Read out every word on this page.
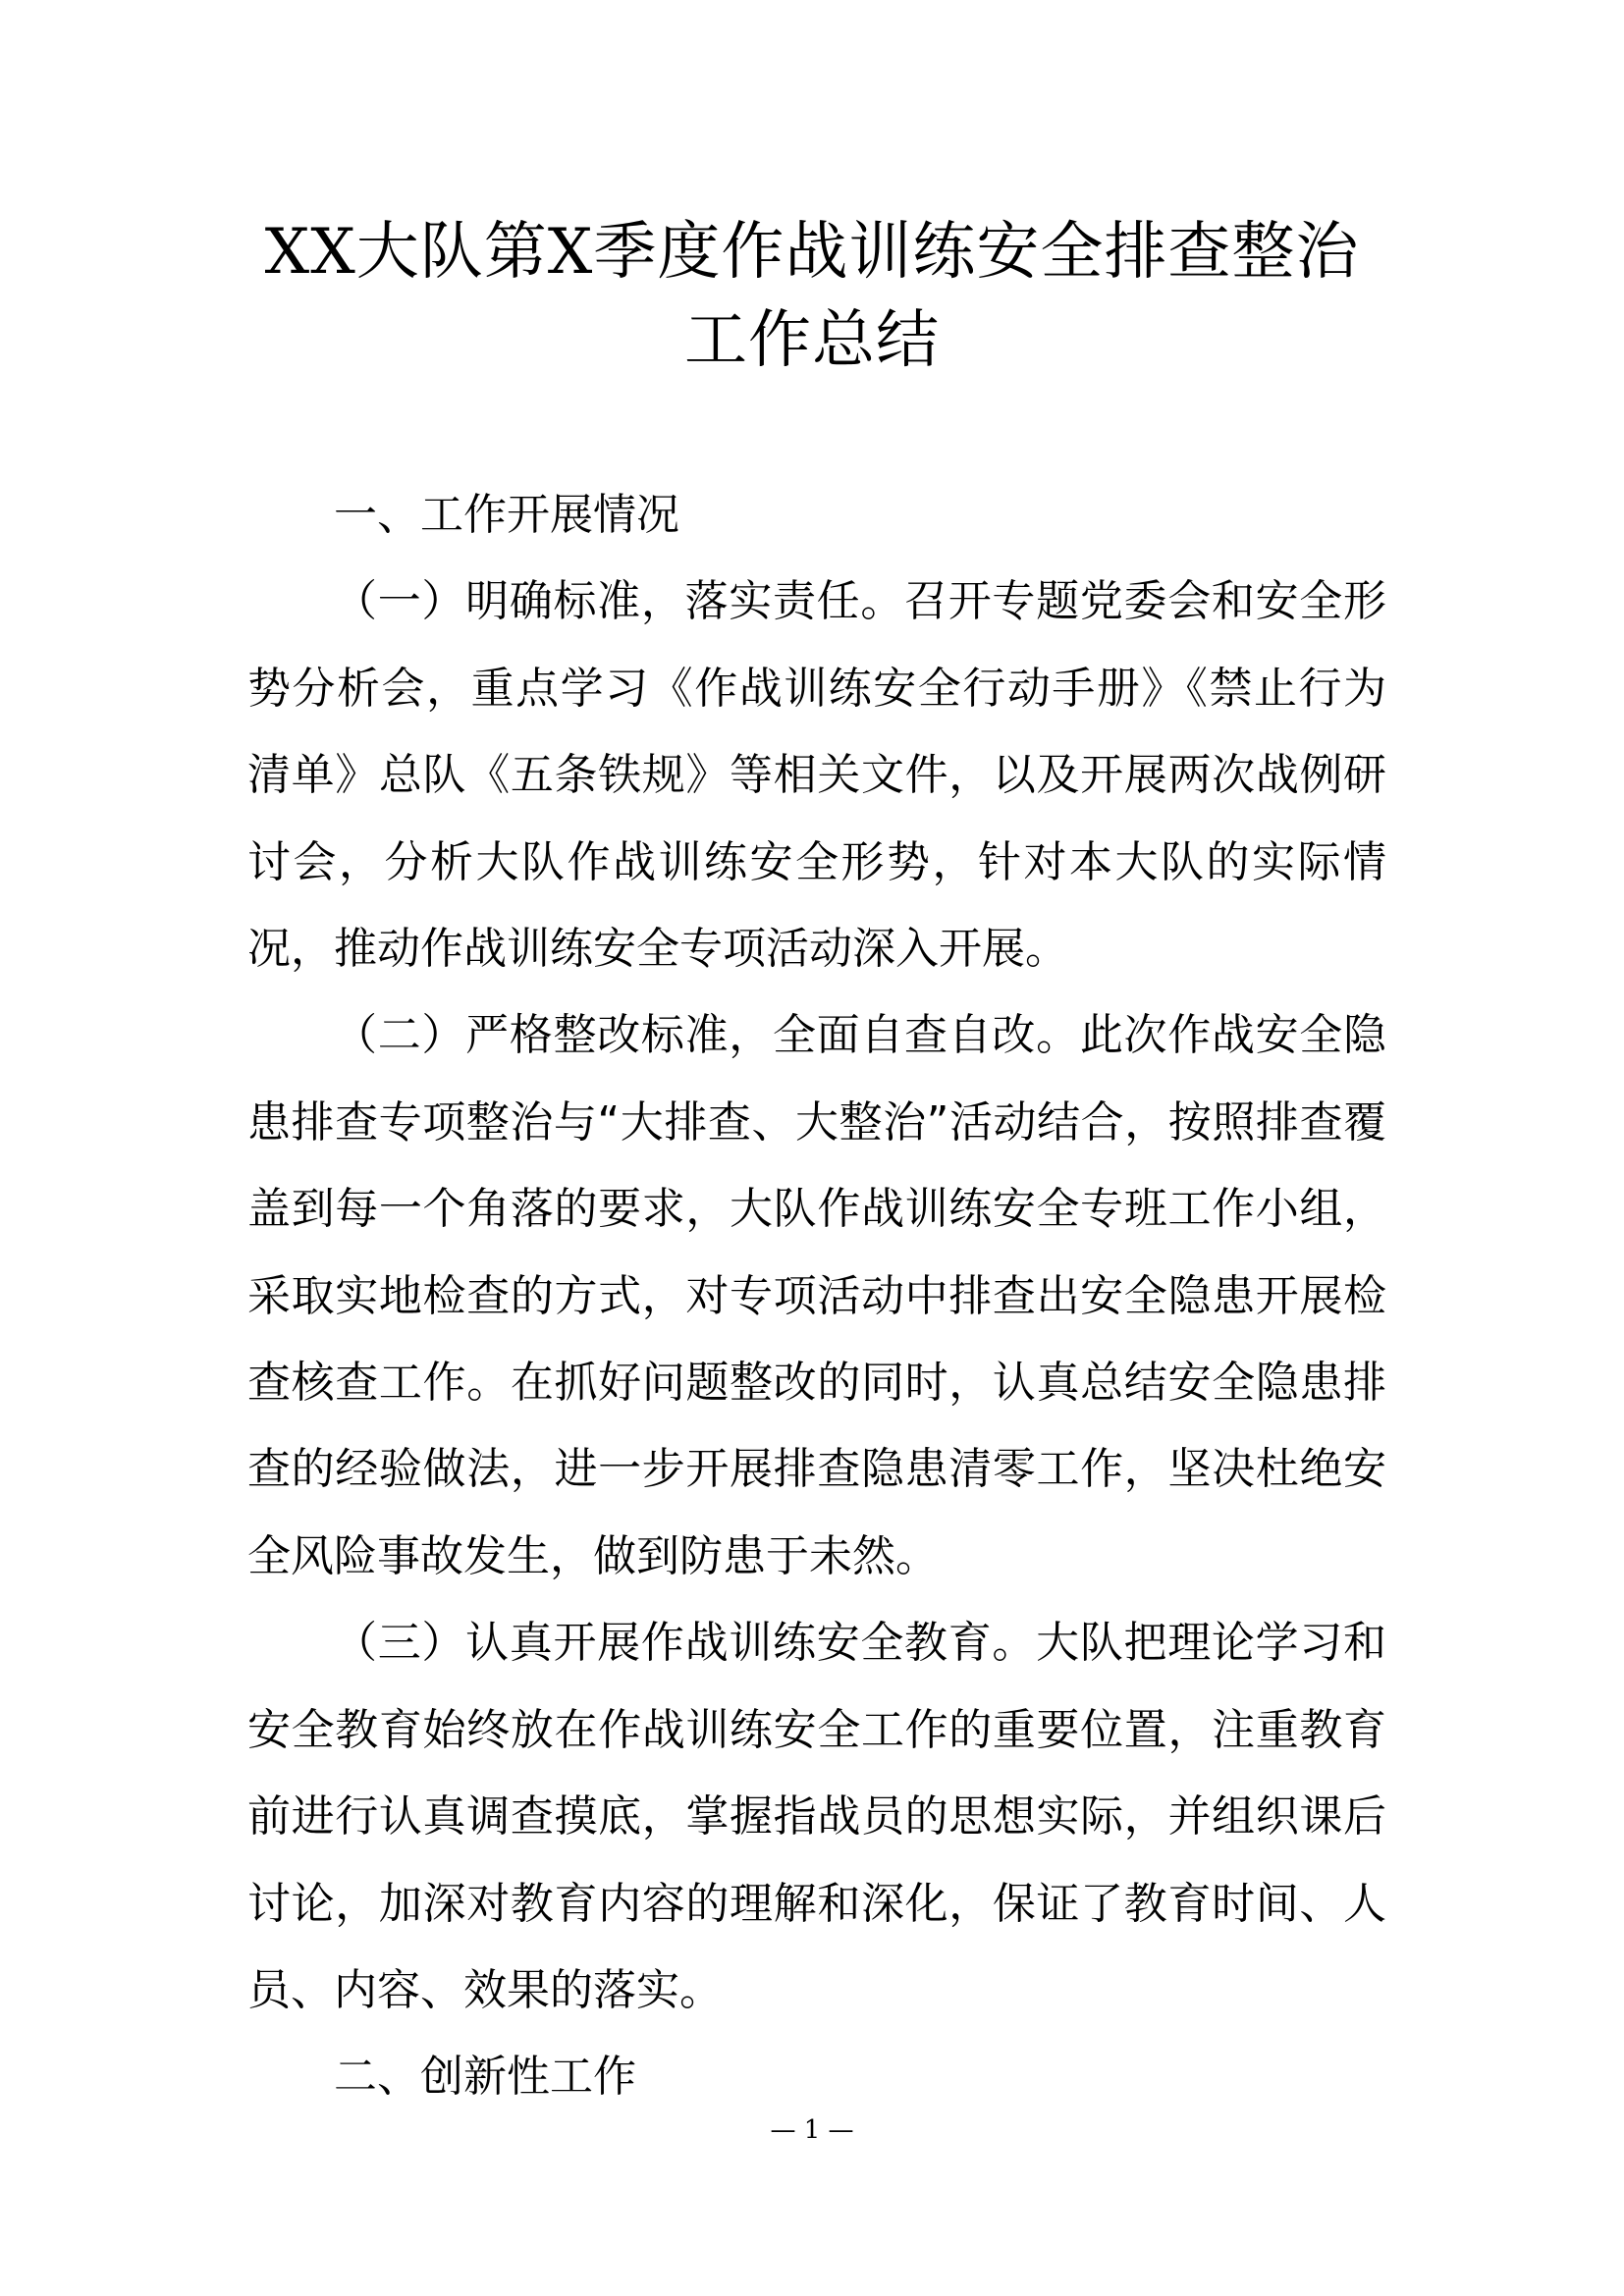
XX大队第X季度作战训练安全排查整治
工作总结

一、工作开展情况

（一）明确标准，落实责任。召开专题党委会和安全形势分析会，重点学习《作战训练安全行动手册》《禁止行为清单》总队《五条铁规》等相关文件，以及开展两次战例研讨会，分析大队作战训练安全形势，针对本大队的实际情况，推动作战训练安全专项活动深入开展。

（二）严格整改标准，全面自查自改。此次作战安全隐患排查专项整治与“大排查、大整治”活动结合，按照排查覆盖到每一个角落的要求，大队作战训练安全专班工作小组，采取实地检查的方式，对专项活动中排查出安全隐患开展检查核查工作。在抓好问题整改的同时，认真总结安全隐患排查的经验做法，进一步开展排查隐患清零工作，坚决杜绝安全风险事故发生，做到防患于未然。

（三）认真开展作战训练安全教育。大队把理论学习和安全教育始终放在作战训练安全工作的重要位置，注重教育前进行认真调查摸底，掌握指战员的思想实际，并组织课后讨论，加深对教育内容的理解和深化，保证了教育时间、人员、内容、效果的落实。

二、创新性工作

— 1 —
